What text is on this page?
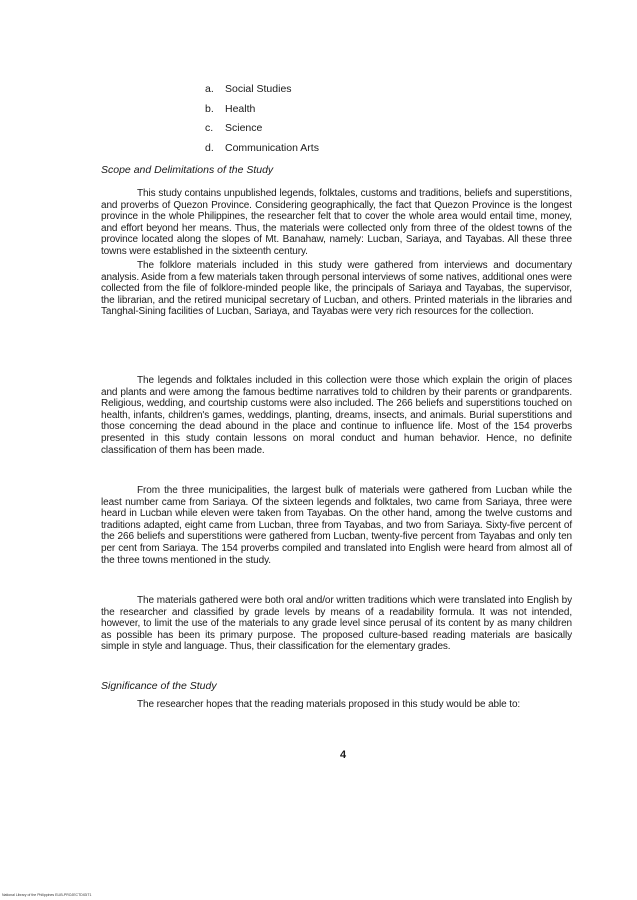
a. Social Studies
b. Health
c. Science
d. Communication Arts
Scope and Delimitations of the Study

This study contains unpublished legends, folktales, customs and traditions, beliefs and superstitions, and proverbs of Quezon Province. Considering geographically, the fact that Quezon Province is the longest province in the whole Philippines, the researcher felt that to cover the whole area would entail time, money, and effort beyond her means. Thus, the materials were collected only from three of the oldest towns of the province located along the slopes of Mt. Banahaw, namely: Lucban, Sariaya, and Tayabas. All these three towns were established in the sixteenth century.

The folklore materials included in this study were gathered from interviews and documentary analysis. Aside from a few materials taken through personal interviews of some natives, additional ones were collected from the file of folklore-minded people like, the principals of Sariaya and Tayabas, the supervisor, the librarian, and the retired municipal secretary of Lucban, and others. Printed materials in the libraries and Tanghal-Sining facilities of Lucban, Sariaya, and Tayabas were very rich resources for the collection.

The legends and folktales included in this collection were those which explain the origin of places and plants and were among the famous bedtime narratives told to children by their parents or grandparents. Religious, wedding, and courtship customs were also included. The 266 beliefs and superstitions touched on health, infants, children's games, weddings, planting, dreams, insects, and animals. Burial superstitions and those concerning the dead abound in the place and continue to influence life. Most of the 154 proverbs presented in this study contain lessons on moral conduct and human behavior. Hence, no definite classification of them has been made.

From the three municipalities, the largest bulk of materials were gathered from Lucban while the least number came from Sariaya. Of the sixteen legends and folktales, two came from Sariaya, three were heard in Lucban while eleven were taken from Tayabas. On the other hand, among the twelve customs and traditions adapted, eight came from Lucban, three from Tayabas, and two from Sariaya. Sixty-five percent of the 266 beliefs and superstitions were gathered from Lucban, twenty-five percent from Tayabas and only ten per cent from Sariaya. The 154 proverbs compiled and translated into English were heard from almost all of the three towns mentioned in the study.

The materials gathered were both oral and/or written traditions which were translated into English by the researcher and classified by grade levels by means of a readability formula. It was not intended, however, to limit the use of the materials to any grade level since perusal of its content by as many children as possible has been its primary purpose. The proposed culture-based reading materials are basically simple in style and language. Thus, their classification for the elementary grades.

Significance of the Study

The researcher hopes that the reading materials proposed in this study would be able to:

4
National Library of the Philippines ELIB-PROJECTDIGIT1
